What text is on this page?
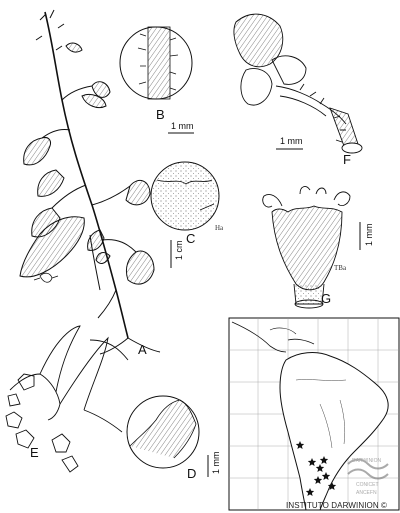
Ha
TBa
DARWINION
CONICET
ANCEFN
A
B
C
D
E
F
G
1 mm
1 cm
1 mm
1 mm
1 mm
INSTITUTO DARWINION ©
